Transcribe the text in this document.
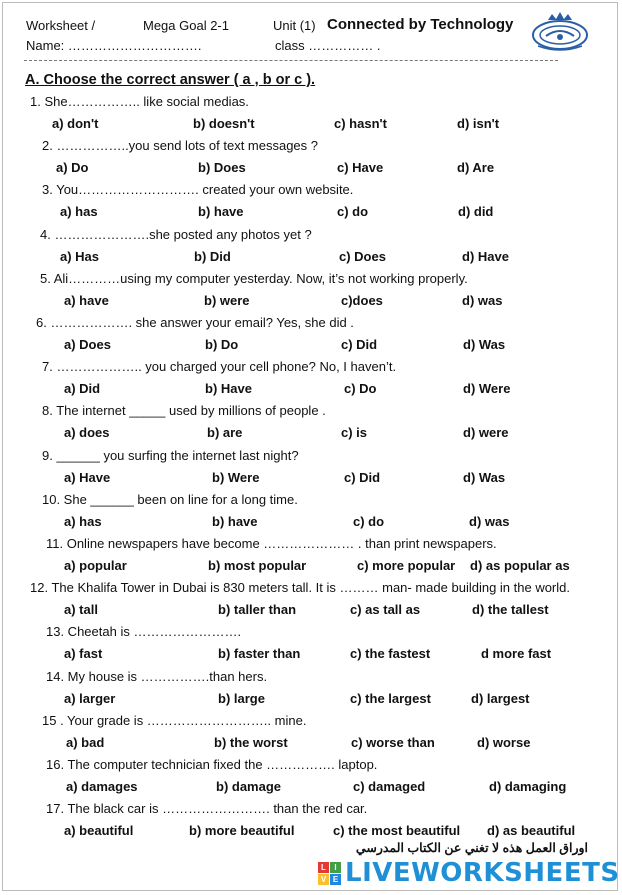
Worksheet /	Mega Goal 2-1	Unit (1) Connected by Technology
Name: ………………………….	class …………… .
A. Choose the correct answer ( a , b or c ).
1. She…………….. like social medias.
a) don't	b) doesn't	c) hasn't	d) isn't
2. ……………..you send lots of text messages ?
a) Do	b) Does	c) Have	d) Are
3. You………………………. created your own website.
a) has	b) have	c) do	d) did
4. ………………….she posted any photos yet ?
a) Has	b) Did	c) Does	d) Have
5. Ali…………using my computer yesterday. Now, it’s not working properly.
a) have	b) were	c)does	d) was
6. ………………. she answer your email? Yes, she did .
a) Does	b) Do	c) Did	d) Was
7. ……………….. you charged your cell phone? No, I haven’t.
a) Did	b) Have	c) Do	d) Were
8. The internet _____ used by millions of people .
a) does	b) are	c) is	d) were
9. ______ you surfing the internet last night?
a) Have	b) Were	c) Did	d) Was
10. She ______ been on line for a long time.
a) has	b) have	c) do	d) was
11. Online newspapers have become ………………… . than print newspapers.
a) popular	b) most popular	c) more popular d) as popular as
12. The Khalifa Tower in Dubai is 830 meters tall. It is ……… man- made building in the world.
a) tall	b) taller than	c) as tall as	d) the tallest
13. Cheetah is …………………….
a) fast	b) faster than	c) the fastest	d more fast
14. My house is …………….than hers.
a) larger	b) large	c) the largest	d) largest
15 . Your grade is ……………………….. mine.
a) bad	b) the worst	c) worse than	d) worse
16. The computer technician fixed the ……………. laptop.
a) damages	b) damage	c) damaged	d) damaging
17. The black car is ……………………. than the red car.
a) beautiful	b) more beautiful	c) the most beautiful d) as beautiful
اوراق العمل هذه لا تغني عن الكتاب المدرسي
L	I
V E LIVEWORKSHEETS
